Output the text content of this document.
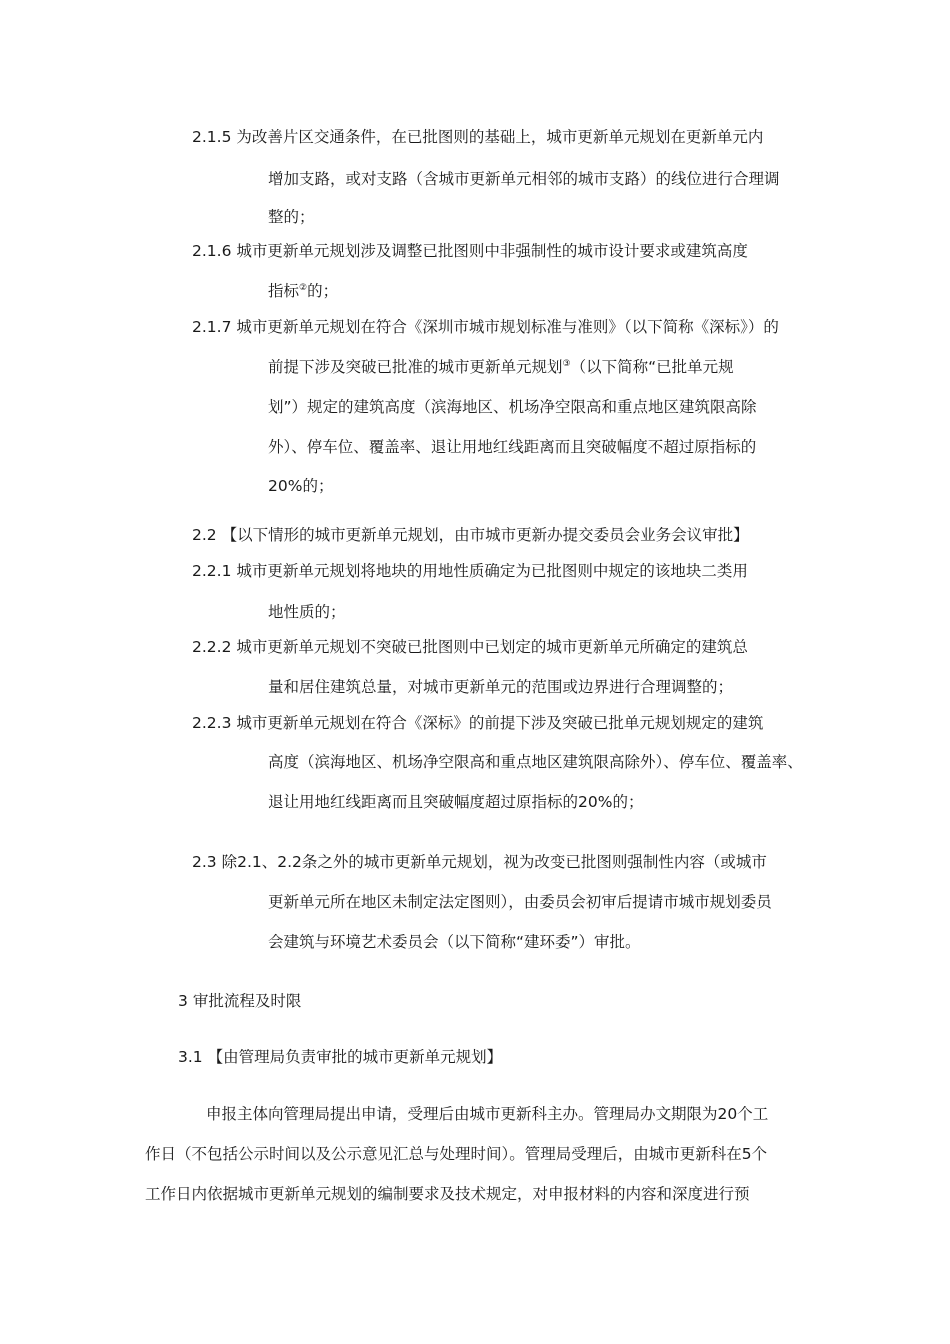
2.1.5 为改善片区交通条件，在已批图则的基础上，城市更新单元规划在更新单元内
增加支路，或对支路（含城市更新单元相邻的城市支路）的线位进行合理调
整的；
2.1.6 城市更新单元规划涉及调整已批图则中非强制性的城市设计要求或建筑高度
指标②的；
2.1.7 城市更新单元规划在符合《深圳市城市规划标准与准则》（以下简称《深标》）的
前提下涉及突破已批准的城市更新单元规划③（以下简称“已批单元规
划”）规定的建筑高度（滨海地区、机场净空限高和重点地区建筑限高除
外）、停车位、覆盖率、退让用地红线距离而且突破幅度不超过原指标的
20%的；
2.2 【以下情形的城市更新单元规划，由市城市更新办提交委员会业务会议审批】
2.2.1 城市更新单元规划将地块的用地性质确定为已批图则中规定的该地块二类用
地性质的；
2.2.2 城市更新单元规划不突破已批图则中已划定的城市更新单元所确定的建筑总
量和居住建筑总量，对城市更新单元的范围或边界进行合理调整的；
2.2.3 城市更新单元规划在符合《深标》的前提下涉及突破已批单元规划规定的建筑
高度（滨海地区、机场净空限高和重点地区建筑限高除外）、停车位、覆盖率、
退让用地红线距离而且突破幅度超过原指标的20%的；
2.3 除2.1、2.2条之外的城市更新单元规划，视为改变已批图则强制性内容（或城市
更新单元所在地区未制定法定图则），由委员会初审后提请市城市规划委员
会建筑与环境艺术委员会（以下简称“建环委”）审批。
3 审批流程及时限
3.1 【由管理局负责审批的城市更新单元规划】
申报主体向管理局提出申请，受理后由城市更新科主办。管理局办文期限为20个工
作日（不包括公示时间以及公示意见汇总与处理时间）。管理局受理后，由城市更新科在5个
工作日内依据城市更新单元规划的编制要求及技术规定，对申报材料的内容和深度进行预
